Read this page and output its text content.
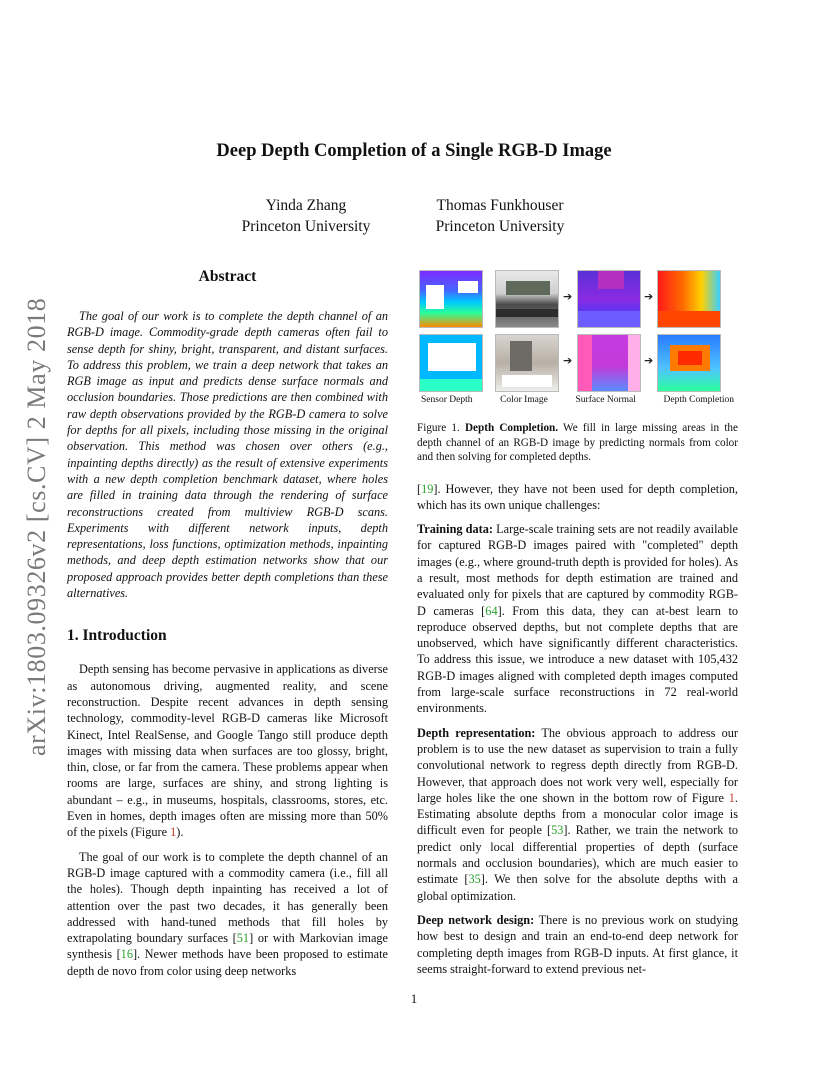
arXiv:1803.09326v2 [cs.CV] 2 May 2018
Deep Depth Completion of a Single RGB-D Image
Yinda Zhang
Princeton University
Thomas Funkhouser
Princeton University
Abstract

The goal of our work is to complete the depth channel of an RGB-D image. Commodity-grade depth cameras often fail to sense depth for shiny, bright, transparent, and distant surfaces. To address this problem, we train a deep network that takes an RGB image as input and predicts dense surface normals and occlusion boundaries. Those predictions are then combined with raw depth observations provided by the RGB-D camera to solve for depths for all pixels, including those missing in the original observation. This method was chosen over others (e.g., inpainting depths directly) as the result of extensive experiments with a new depth completion benchmark dataset, where holes are filled in training data through the rendering of surface reconstructions created from multiview RGB-D scans. Experiments with different network inputs, depth representations, loss functions, optimization methods, inpainting methods, and deep depth estimation networks show that our proposed approach provides better depth completions than these alternatives.

1. Introduction

Depth sensing has become pervasive in applications as diverse as autonomous driving, augmented reality, and scene reconstruction. Despite recent advances in depth sensing technology, commodity-level RGB-D cameras like Microsoft Kinect, Intel RealSense, and Google Tango still produce depth images with missing data when surfaces are too glossy, bright, thin, close, or far from the camera. These problems appear when rooms are large, surfaces are shiny, and strong lighting is abundant – e.g., in museums, hospitals, classrooms, stores, etc. Even in homes, depth images often are missing more than 50% of the pixels (Figure 1).

The goal of our work is to complete the depth channel of an RGB-D image captured with a commodity camera (i.e., fill all the holes). Though depth inpainting has received a lot of attention over the past two decades, it has generally been addressed with hand-tuned methods that fill holes by extrapolating boundary surfaces [51] or with Markovian image synthesis [16]. Newer methods have been proposed to estimate depth de novo from color using deep networks

➔	➔
➔	➔
Sensor Depth	Color Image	Surface Normal	Depth Completion

Figure 1. Depth Completion. We fill in large missing areas in the depth channel of an RGB-D image by predicting normals from color and then solving for completed depths.

[19]. However, they have not been used for depth completion, which has its own unique challenges:

Training data: Large-scale training sets are not readily available for captured RGB-D images paired with "completed" depth images (e.g., where ground-truth depth is provided for holes). As a result, most methods for depth estimation are trained and evaluated only for pixels that are captured by commodity RGB-D cameras [64]. From this data, they can at-best learn to reproduce observed depths, but not complete depths that are unobserved, which have significantly different characteristics. To address this issue, we introduce a new dataset with 105,432 RGB-D images aligned with completed depth images computed from large-scale surface reconstructions in 72 real-world environments.

Depth representation: The obvious approach to address our problem is to use the new dataset as supervision to train a fully convolutional network to regress depth directly from RGB-D. However, that approach does not work very well, especially for large holes like the one shown in the bottom row of Figure 1. Estimating absolute depths from a monocular color image is difficult even for people [53]. Rather, we train the network to predict only local differential properties of depth (surface normals and occlusion boundaries), which are much easier to estimate [35]. We then solve for the absolute depths with a global optimization.

Deep network design: There is no previous work on studying how best to design and train an end-to-end deep network for completing depth images from RGB-D inputs. At first glance, it seems straight-forward to extend previous net-

1
